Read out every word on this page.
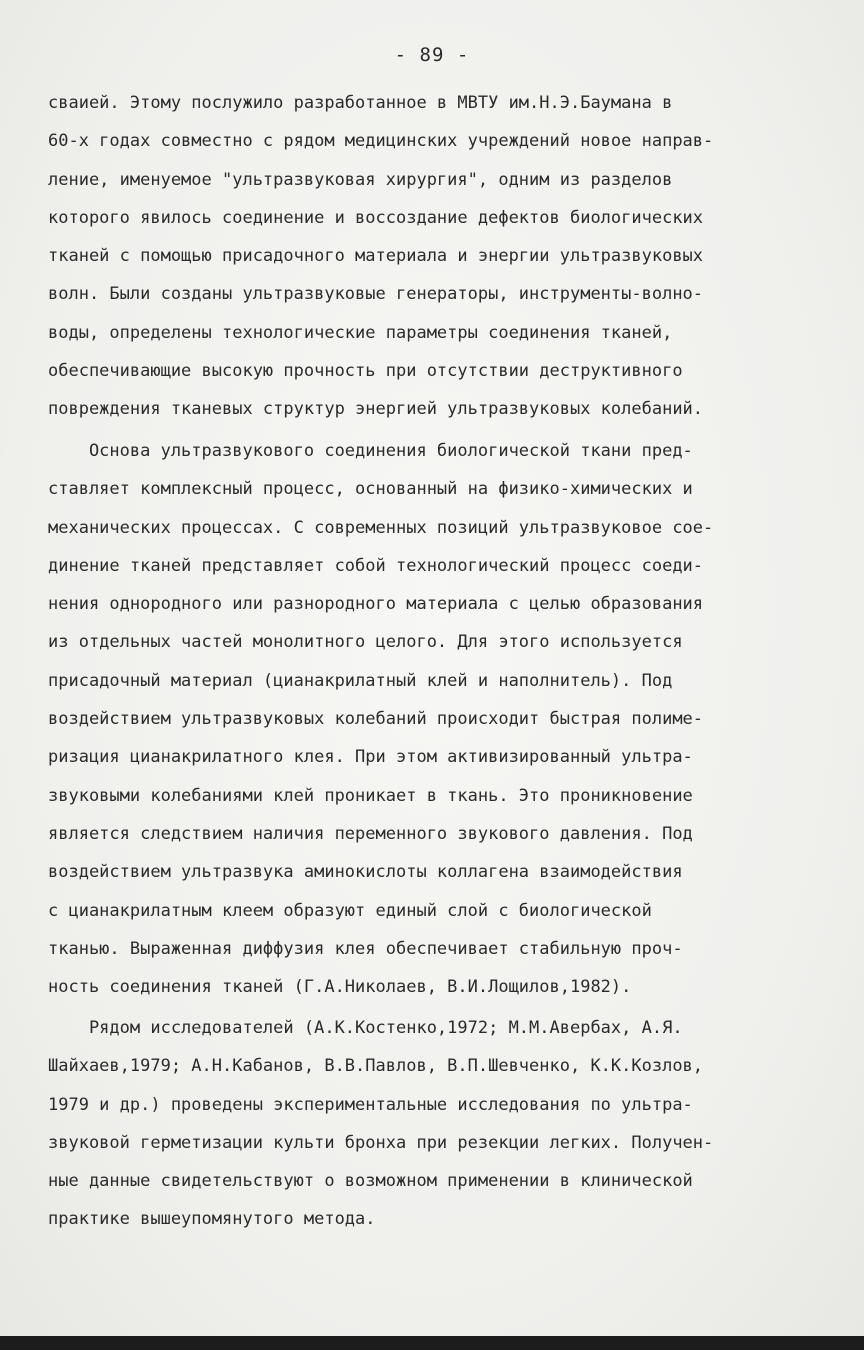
- 89 -
сваией. Этому послужило разработанное в МВТУ им.Н.Э.Баумана в
60-х годах совместно с рядом медицинских учреждений новое направ-
ление, именуемое "ультразвуковая хирургия", одним из разделов
которого явилось соединение и воссоздание дефектов биологических
тканей с помощью присадочного материала и энергии ультразвуковых
волн. Были созданы ультразвуковые генераторы, инструменты-волно-
воды, определены технологические параметры соединения тканей,
обеспечивающие высокую прочность при отсутствии деструктивного
повреждения тканевых структур энергией ультразвуковых колебаний.
Основа ультразвукового соединения биологической ткани пред-
ставляет комплексный процесс, основанный на физико-химических и
механических процессах. С современных позиций ультразвуковое сое-
динение тканей представляет собой технологический процесс соеди-
нения однородного или разнородного материала с целью образования
из отдельных частей монолитного целого. Для этого используется
присадочный материал (цианакрилатный клей и наполнитель). Под
воздействием ультразвуковых колебаний происходит быстрая полиме-
ризация цианакрилатного клея. При этом активизированный ультра-
звуковыми колебаниями клей проникает в ткань. Это проникновение
является следствием наличия переменного звукового давления. Под
воздействием ультразвука аминокислоты коллагена взаимодействия
с цианакрилатным клеем образуют единый слой с биологической
тканью. Выраженная диффузия клея обеспечивает стабильную проч-
ность соединения тканей (Г.А.Николаев, В.И.Лощилов,1982).
Рядом исследователей (А.К.Костенко,1972; М.М.Авербах, А.Я.
Шайхаев,1979; А.Н.Кабанов, В.В.Павлов, В.П.Шевченко, К.К.Козлов,
1979 и др.) проведены экспериментальные исследования по ультра-
звуковой герметизации культи бронха при резекции легких. Получен-
ные данные свидетельствуют о возможном применении в клинической
практике вышеупомянутого метода.
